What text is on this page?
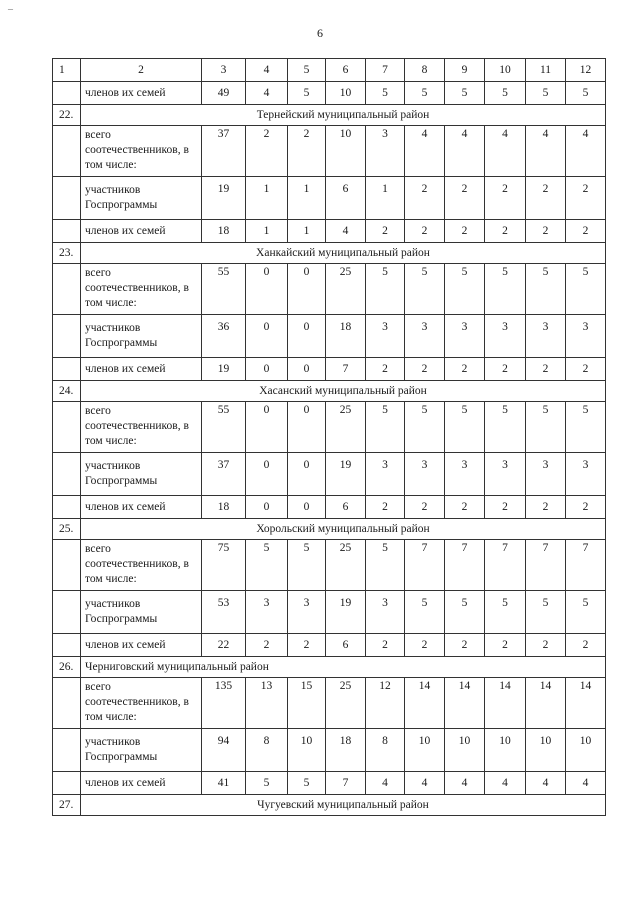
–
6
1	2	3	4	5	6	7	8	9	10	11	12
	членов их семей	49	4	5	10	5	5	5	5	5	5
22.	Тернейский муниципальный район										
	всего соотечественников, в том числе:	37	2	2	10	3	4	4	4	4	4
	участников Госпрограммы	19	1	1	6	1	2	2	2	2	2
	членов их семей	18	1	1	4	2	2	2	2	2	2
23.	Ханкайский муниципальный район										
	всего соотечественников, в том числе:	55	0	0	25	5	5	5	5	5	5
	участников Госпрограммы	36	0	0	18	3	3	3	3	3	3
	членов их семей	19	0	0	7	2	2	2	2	2	2
24.	Хасанский муниципальный район										
	всего соотечественников, в том числе:	55	0	0	25	5	5	5	5	5	5
	участников Госпрограммы	37	0	0	19	3	3	3	3	3	3
	членов их семей	18	0	0	6	2	2	2	2	2	2
25.	Хорольский муниципальный район										
	всего соотечественников, в том числе:	75	5	5	25	5	7	7	7	7	7
	участников Госпрограммы	53	3	3	19	3	5	5	5	5	5
	членов их семей	22	2	2	6	2	2	2	2	2	2
26.	Черниговский муниципальный район										
	всего соотечественников, в том числе:	135	13	15	25	12	14	14	14	14	14
	участников Госпрограммы	94	8	10	18	8	10	10	10	10	10
	членов их семей	41	5	5	7	4	4	4	4	4	4
27.	Чугуевский муниципальный район										
